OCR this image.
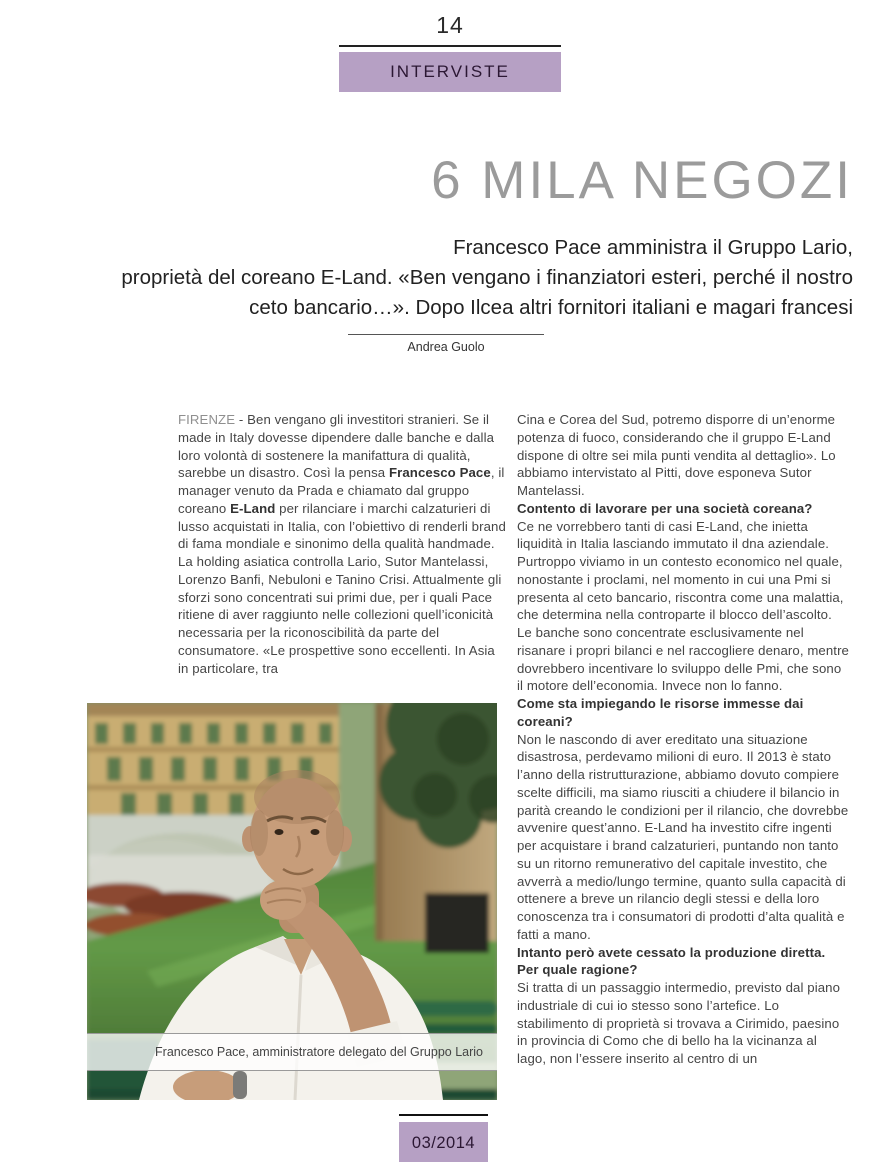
14
INTERVISTE
6 MILA NEGOZI

Francesco Pace amministra il Gruppo Lario,
proprietà del coreano E-Land. «Ben vengano i finanziatori esteri, perché il nostro
ceto bancario…». Dopo Ilcea altri fornitori italiani e magari francesi

Andrea Guolo

FIRENZE - Ben vengano gli investitori stranieri. Se il made in Italy dovesse dipendere dalle banche e dalla loro volontà di sostenere la manifattura di qualità, sarebbe un disastro. Così la pensa Francesco Pace, il manager venuto da Prada e chiamato dal gruppo coreano E-Land per rilanciare i marchi calzaturieri di lusso acquistati in Italia, con l’obiettivo di renderli brand di fama mondiale e sinonimo della qualità handmade. La holding asiatica controlla Lario, Sutor Mantelassi, Lorenzo Banfi, Nebuloni e Tanino Crisi. Attualmente gli sforzi sono concentrati sui primi due, per i quali Pace ritiene di aver raggiunto nelle collezioni quell’iconicità necessaria per la riconoscibilità da parte del consumatore. «Le prospettive sono eccellenti. In Asia in particolare, tra

Cina e Corea del Sud, potremo disporre di un’enorme potenza di fuoco, considerando che il gruppo E-Land dispone di oltre sei mila punti vendita al dettaglio». Lo abbiamo intervistato al Pitti, dove esponeva Sutor Mantelassi.

Contento di lavorare per una società coreana?

Ce ne vorrebbero tanti di casi E-Land, che inietta liquidità in Italia lasciando immutato il dna aziendale. Purtroppo viviamo in un contesto economico nel quale, nonostante i proclami, nel momento in cui una Pmi si presenta al ceto bancario, riscontra come una malattia, che determina nella controparte il blocco dell’ascolto. Le banche sono concentrate esclusivamente nel risanare i propri bilanci e nel raccogliere denaro, mentre dovrebbero incentivare lo sviluppo delle Pmi, che sono il motore dell’economia. Invece non lo fanno.

Come sta impiegando le risorse immesse dai coreani?

Non le nascondo di aver ereditato una situazione disastrosa, perdevamo milioni di euro. Il 2013 è stato l’anno della ristrutturazione, abbiamo dovuto compiere scelte difficili, ma siamo riusciti a chiudere il bilancio in parità creando le condizioni per il rilancio, che dovrebbe avvenire quest’anno. E-Land ha investito cifre ingenti per acquistare i brand calzaturieri, puntando non tanto su un ritorno remunerativo del capitale investito, che avverrà a medio/lungo termine, quanto sulla capacità di ottenere a breve un rilancio degli stessi e della loro conoscenza tra i consumatori di prodotti d’alta qualità e fatti a mano.

Intanto però avete cessato la produzione diretta. Per quale ragione?

Si tratta di un passaggio intermedio, previsto dal piano industriale di cui io stesso sono l’artefice. Lo stabilimento di proprietà si trovava a Cirimido, paesino in provincia di Como che di bello ha la vicinanza al lago, non l’essere inserito al centro di un

Francesco Pace, amministratore delegato del Gruppo Lario
03/2014
